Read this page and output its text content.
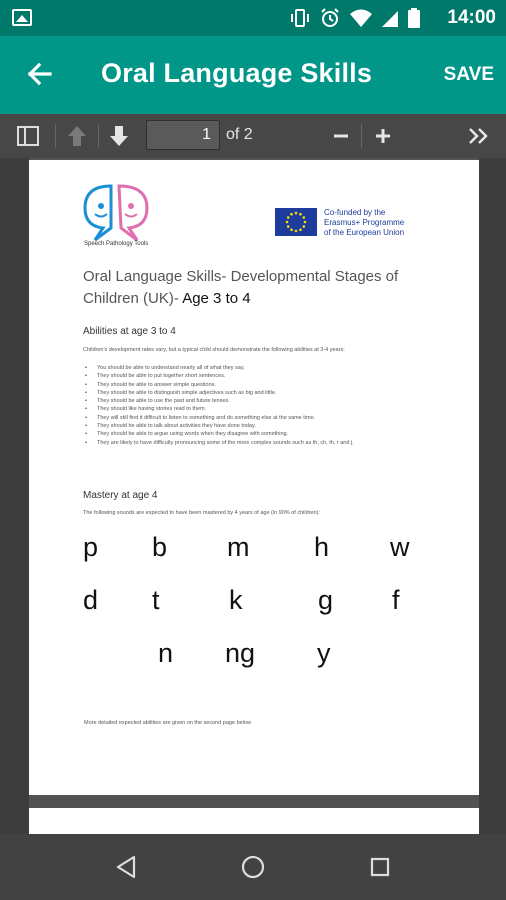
14:00
Oral Language Skills	SAVE
1 of 2
Speech Pathology Tools
Co-funded by the
Erasmus+ Programme
of the European Union
Oral Language Skills- Developmental Stages of Children (UK)- Age 3 to 4
Abilities at age 3 to 4
Children's development rates vary, but a typical child should demonstrate the following abilities at 3-4 years:
• You should be able to understand nearly all of what they say.
• They should be able to put together short sentences.
• They should be able to answer simple questions.
• They should be able to distinguish simple adjectives such as big and little.
• They should be able to use the past and future tenses.
• They should like having stories read to them.
• They will still find it difficult to listen to something and do something else at the same time.
• They should be able to talk about activities they have done today.
• They should be able to argue using words when they disagree with something.
• They are likely to have difficulty pronouncing some of the more complex sounds such as th, ch, th, r and j.
Mastery at age 4
The following sounds are expected to have been mastered by 4 years of age (in 90% of children):
p b m h w
d t	k	g f
n ng y
More detailed expected abilities are given on the second page below
